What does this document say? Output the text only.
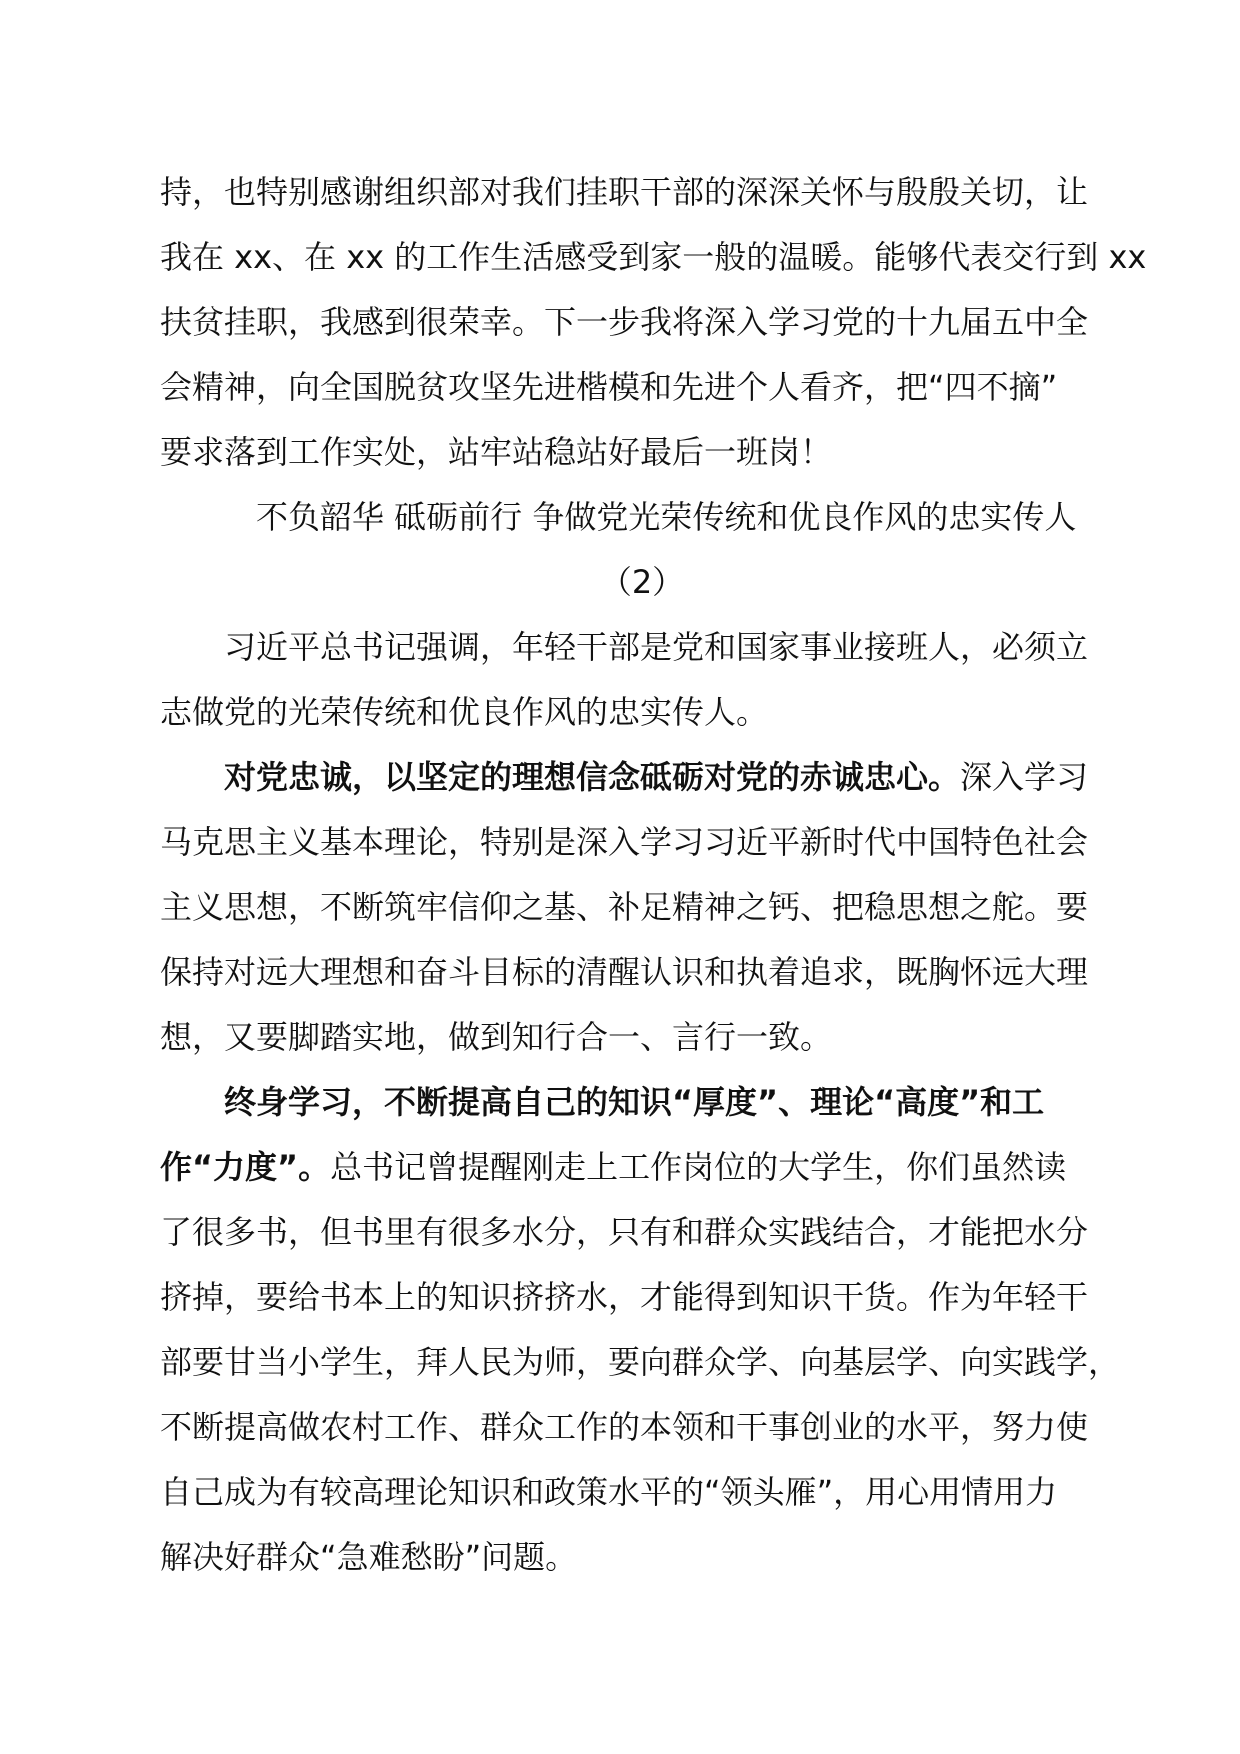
持，也特别感谢组织部对我们挂职干部的深深关怀与殷殷关切，让
我在 xx、在 xx 的工作生活感受到家一般的温暖。能够代表交行到 xx
扶贫挂职，我感到很荣幸。下一步我将深入学习党的十九届五中全
会精神，向全国脱贫攻坚先进楷模和先进个人看齐，把“四不摘”
要求落到工作实处，站牢站稳站好最后一班岗！
不负韶华 砥砺前行 争做党光荣传统和优良作风的忠实传人
（2）
习近平总书记强调，年轻干部是党和国家事业接班人，必须立
志做党的光荣传统和优良作风的忠实传人。
对党忠诚，以坚定的理想信念砥砺对党的赤诚忠心。深入学习
马克思主义基本理论，特别是深入学习习近平新时代中国特色社会
主义思想，不断筑牢信仰之基、补足精神之钙、把稳思想之舵。要
保持对远大理想和奋斗目标的清醒认识和执着追求，既胸怀远大理
想，又要脚踏实地，做到知行合一、言行一致。
终身学习，不断提高自己的知识“厚度”、理论“高度”和工
作“力度”。总书记曾提醒刚走上工作岗位的大学生，你们虽然读
了很多书，但书里有很多水分，只有和群众实践结合，才能把水分
挤掉，要给书本上的知识挤挤水，才能得到知识干货。作为年轻干
部要甘当小学生，拜人民为师，要向群众学、向基层学、向实践学，
不断提高做农村工作、群众工作的本领和干事创业的水平，努力使
自己成为有较高理论知识和政策水平的“领头雁”，用心用情用力
解决好群众“急难愁盼”问题。
